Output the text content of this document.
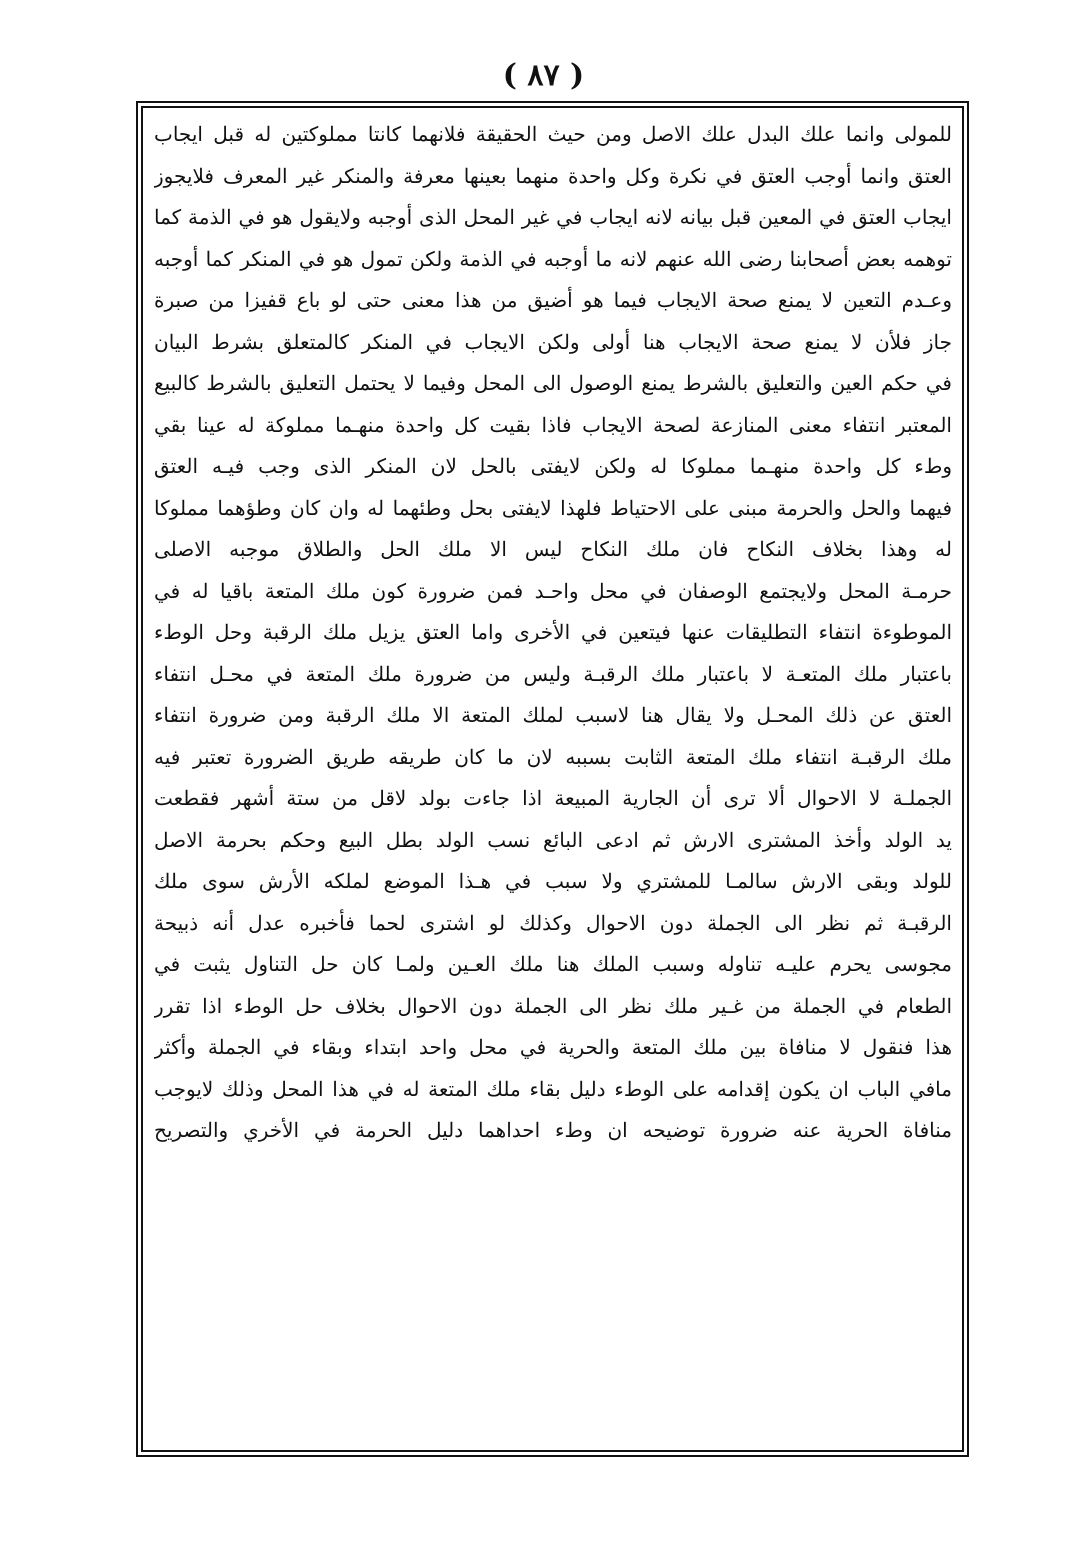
( ٨٧ )
للمولى وانما علك البدل علك الاصل ومن حيث الحقيقة فلانهما كانتا مملوكتين له قبل ايجاب
العتق وانما أوجب العتق في نكرة وكل واحدة منهما بعينها معرفة والمنكر غير المعرف فلايجوز
ايجاب العتق في المعين قبل بيانه لانه ايجاب في غير المحل الذى أوجبه ولايقول هو في الذمة كما
توهمه بعض أصحابنا رضى الله عنهم لانه ما أوجبه في الذمة ولكن تمول هو في المنكر كما أوجبه
وعـدم التعين لا يمنع صحة الايجاب فيما هو أضيق من هذا معنى حتى لو باع قفيزا من صبرة
جاز فلأن لا يمنع صحة الايجاب هنا أولى ولكن الايجاب في المنكر كالمتعلق بشرط البيان
في حكم العين والتعليق بالشرط يمنع الوصول الى المحل وفيما لا يحتمل التعليق بالشرط كالبيع
المعتبر انتفاء معنى المنازعة لصحة الايجاب فاذا بقيت كل واحدة منهـما مملوكة له عينا بقي
وطء كل واحدة منهـما مملوكا له ولكن لايفتى بالحل لان المنكر الذى وجب فيـه العتق
فيهما والحل والحرمة مبنى على الاحتياط فلهذا لايفتى بحل وطئهما له وان كان وطؤهما مملوكا
له وهذا بخلاف النكاح فان ملك النكاح ليس الا ملك الحل والطلاق موجبه الاصلى
حرمـة المحل ولايجتمع الوصفان في محل واحـد فمن ضرورة كون ملك المتعة باقيا له في
الموطوءة انتفاء التطليقات عنها فيتعين في الأخرى واما العتق يزيل ملك الرقبة وحل الوطء
باعتبار ملك المتعـة لا باعتبار ملك الرقبـة وليس من ضرورة ملك المتعة في محـل انتفاء
العتق عن ذلك المحـل ولا يقال هنا لاسبب لملك المتعة الا ملك الرقبة ومن ضرورة انتفاء
ملك الرقبـة انتفاء ملك المتعة الثابت بسببه لان ما كان طريقه طريق الضرورة تعتبر فيه
الجملـة لا الاحوال ألا ترى أن الجارية المبيعة اذا جاءت بولد لاقل من ستة أشهر فقطعت
يد الولد وأخذ المشترى الارش ثم ادعى البائع نسب الولد بطل البيع وحكم بحرمة الاصل
للولد وبقى الارش سالمـا للمشتري ولا سبب في هـذا الموضع لملكه الأرش سوى ملك
الرقبـة ثم نظر الى الجملة دون الاحوال وكذلك لو اشترى لحما فأخبره عدل أنه ذبيحة
مجوسى يحرم عليـه تناوله وسبب الملك هنا ملك العـين ولمـا كان حل التناول يثبت في
الطعام في الجملة من غـير ملك نظر الى الجملة دون الاحوال بخلاف حل الوطء اذا تقرر
هذا فنقول لا منافاة بين ملك المتعة والحرية في محل واحد ابتداء وبقاء في الجملة وأكثر
مافي الباب ان يكون إقدامه على الوطء دليل بقاء ملك المتعة له في هذا المحل وذلك لايوجب
منافاة الحرية عنه ضرورة توضيحه ان وطء احداهما دليل الحرمة في الأخري والتصريح
